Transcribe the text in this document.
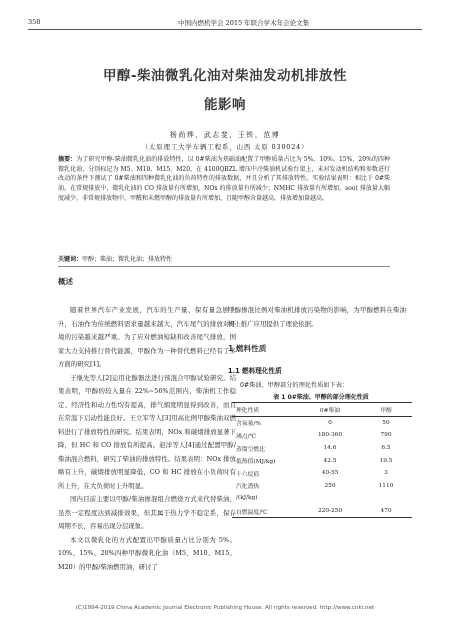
358	中国内燃机学会 2015 年联合学术年会论文集
甲醇-柴油微乳化油对柴油发动机排放性
能影响
杨尚烨，武志斐，王铁，范博
（太原理工大学车辆工程系，山西 太原 030024）
摘要：为了研究甲醇-柴油微乳化油的排放特性，以 0#柴油为基础油配置了甲醇质量占比为 5%、10%、15%、20%的四种微乳化油，分别标记为 M5、M10、M15、M20，在 4100QBZL 增压中冷柴油机试验台架上，未对发动机结构和参数进行改动的条件下测试了 0#柴油和四种微乳化油的负荷特性的排放数据，并且分析了其排放特性。实验结果表明：相比于 0#柴油，在常规排放中，微乳化油的 CO 排放量有所增加，NOx 的排放量有所减少；NMHC 排放量有所增加，soot 排放量大幅度减少。非常规排放物中，甲醛和未燃甲醇的排放量有所增加，且随甲醇含量越高，排放增加量越高。
关键词：甲醇；柴油；微乳化油；排放特性
概述

随着世界汽车产业发展，汽车的生产量、保有量急剧上升，石油作为传统燃料需求量越来越大，汽车尾气的排放对环境的污染越来越严重。为了应对燃油短缺和改善尾气排放，国家大力支持推行替代能源，甲醇作为一种替代燃料已经有了多方面的研究[1]。

王继先等人[2]运用化醇器法进行预混合甲醇试验研究。结果表明，甲醇的较入量在 22%~56%范围内，柴油机工作稳定、经济性和动力性均有提高，排气烟度明显得到改善，而且在常温下启动性能良好。王立军等人[3]用高比例甲醇柴油双燃料进行了排放特性的研究。结果表明，NOx 和碳烟排放显著下降，但 HC 和 CO 排放有所提高。赵洋等人[4]通过配置甲醇/柴油混合燃料，研究了柴油的排放特性。结果表明：NOx 排放略有上升，碳烟排放明显降低，CO 和 HC 排放在小负荷时有所上升，在大负荷时上升明显。

国内目前主要以甲醇/柴油掺混组合燃烧方式来代替柴油，虽然一定程度达到减排效果，但其属于热力学不稳定系，保存周期不长，容易出现分层现象。

本文以微乳化的方式配置出甲醇质量占比分别为 5%、10%、15%、20%四种甲醇微乳化油（M5、M10、M15、M20）的甲醇/柴油燃用油，研讨了

甲醇掺混比例对柴油机排放污染物的影响，为甲醇燃料在柴油机上推广应用提供了理论依据。

1 燃料性质
1.1 燃料理化性质
0#柴油、甲醇部分的理化性质如下表：
表 1 0#柴油、甲醇的部分理化性质
理化性质	0#柴油	甲醇
含氧量/%	0	50
沸点/℃	180-360	790
蒸馏空燃比	14.6	6.5
低热值(MJ/kg)	42.5	19.5
十六烷值	40-55	3
汽化潜热	250	1110
/(kJ/kg)		
自燃温度/℃	220-250	470
(C)1994-2019 China Academic Journal Electronic Publishing House. All rights reserved. http://www.cnki.net
